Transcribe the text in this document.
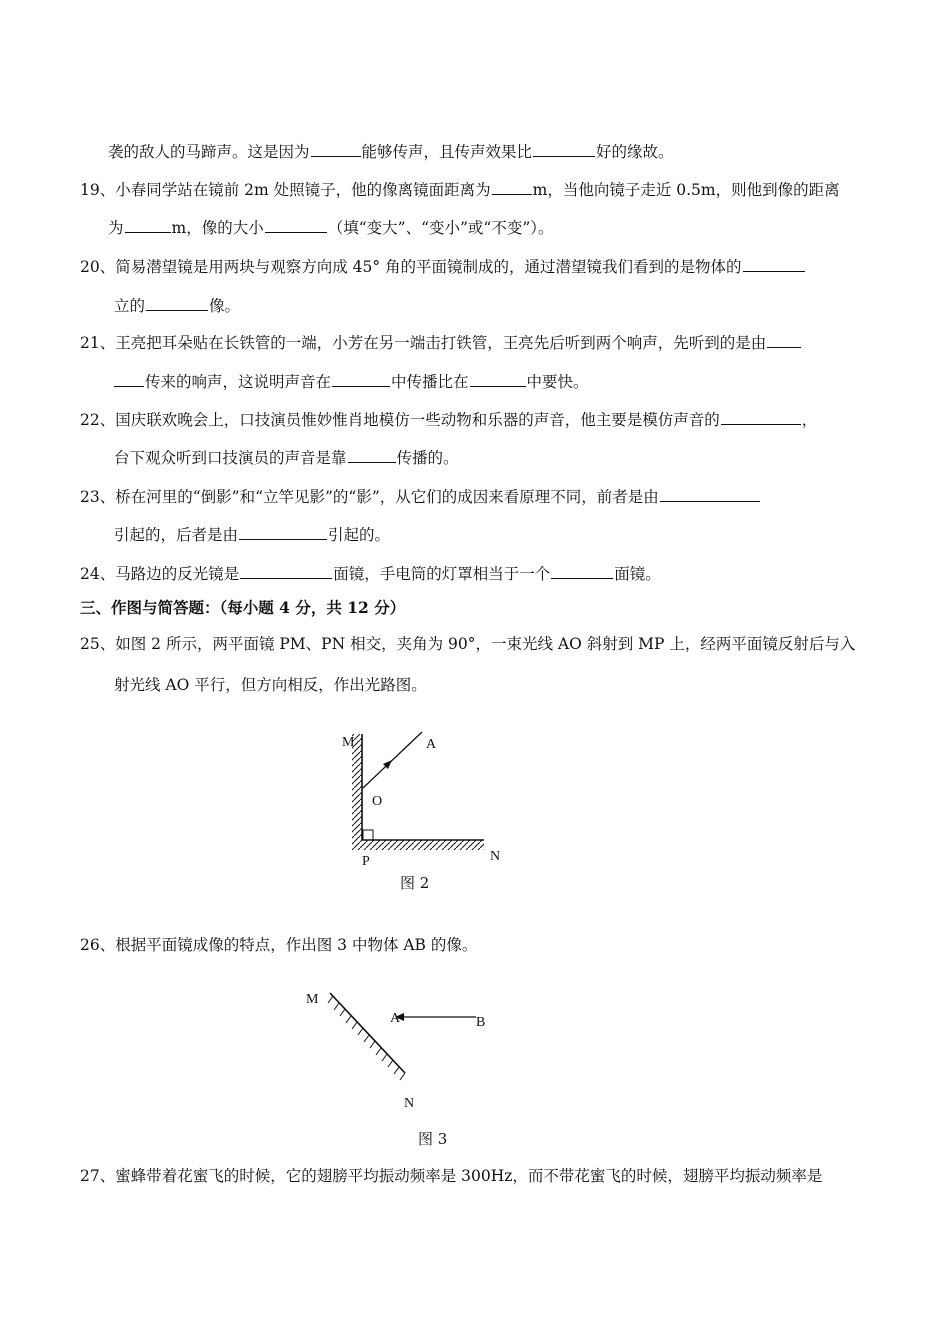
袭的敌人的马蹄声。这是因为	能够传声，且传声效果比	好的缘故。
19、小春同学站在镜前 2m 处照镜子，他的像离镜面距离为	m，当他向镜子走近 0.5m，则他到像的距离
为	m，像的大小	（填“变大”、“变小”或“不变”）。
20、简易潜望镜是用两块与观察方向成 45° 角的平面镜制成的，通过潜望镜我们看到的是物体的
立的	像。
21、王亮把耳朵贴在长铁管的一端，小芳在另一端击打铁管，王亮先后听到两个响声，先听到的是由
传来的响声，这说明声音在	中传播比在	中要快。
22、国庆联欢晚会上，口技演员惟妙惟肖地模仿一些动物和乐器的声音，他主要是模仿声音的	，
台下观众听到口技演员的声音是靠	传播的。
23、桥在河里的“倒影”和“立竿见影”的“影”，从它们的成因来看原理不同，前者是由
引起的，后者是由	引起的。
24、马路边的反光镜是	面镜，手电筒的灯罩相当于一个	面镜。
三、作图与简答题：（每小题 4 分，共 12 分）
25、如图 2 所示，两平面镜 PM、PN 相交，夹角为 90°，一束光线 AO 斜射到 MP 上，经两平面镜反射后与入
射光线 AO 平行，但方向相反，作出光路图。
M	A
O
P	N
图 2
26、根据平面镜成像的特点，作出图 3 中物体 AB 的像。
M
A	B
N
图 3
27、蜜蜂带着花蜜飞的时候，它的翅膀平均振动频率是 300Hz，而不带花蜜飞的时候，翅膀平均振动频率是
